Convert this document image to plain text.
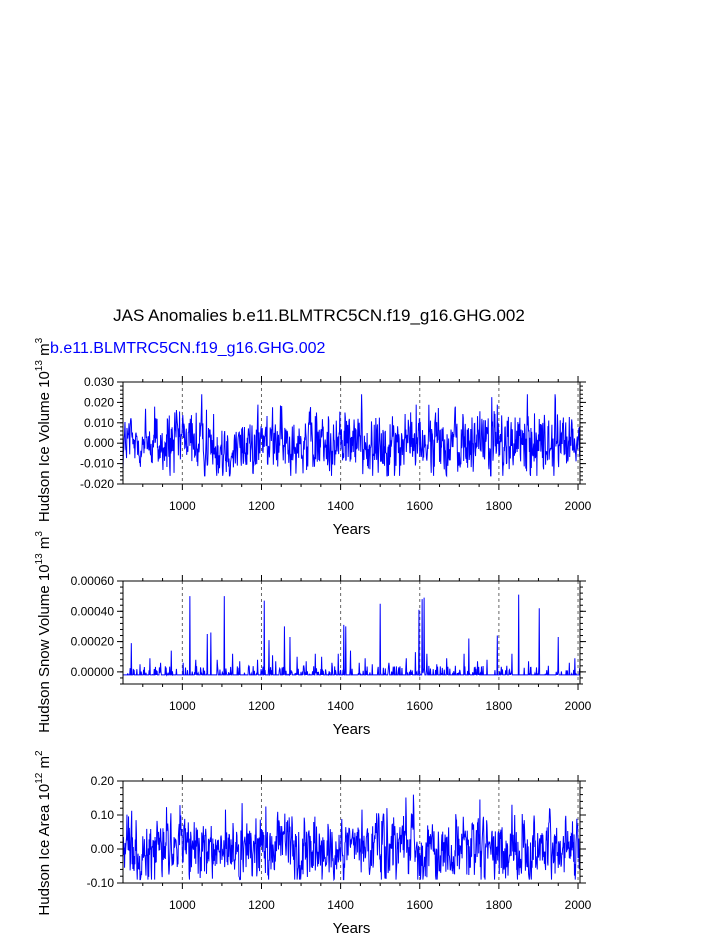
JAS Anomalies b.e11.BLMTRC5CN.f19_g16.GHG.002
b.e11.BLMTRC5CN.f19_g16.GHG.002
1000	1200	1400	1600	1800	2000
-0.020
-0.010
0.000
0.010
0.020
0.030
Years
Hudson Ice Volume $10^{13}$ $m^3$
1000	1200	1400	1600	1800	2000
0.00000
0.00020
0.00040
0.00060
Years
Hudson Snow Volume $10^{13}$ $m^3$
1000	1200	1400	1600	1800	2000
-0.10
0.00
0.10
0.20
Years
Hudson Ice Area $10^{12}$ $m^2$
